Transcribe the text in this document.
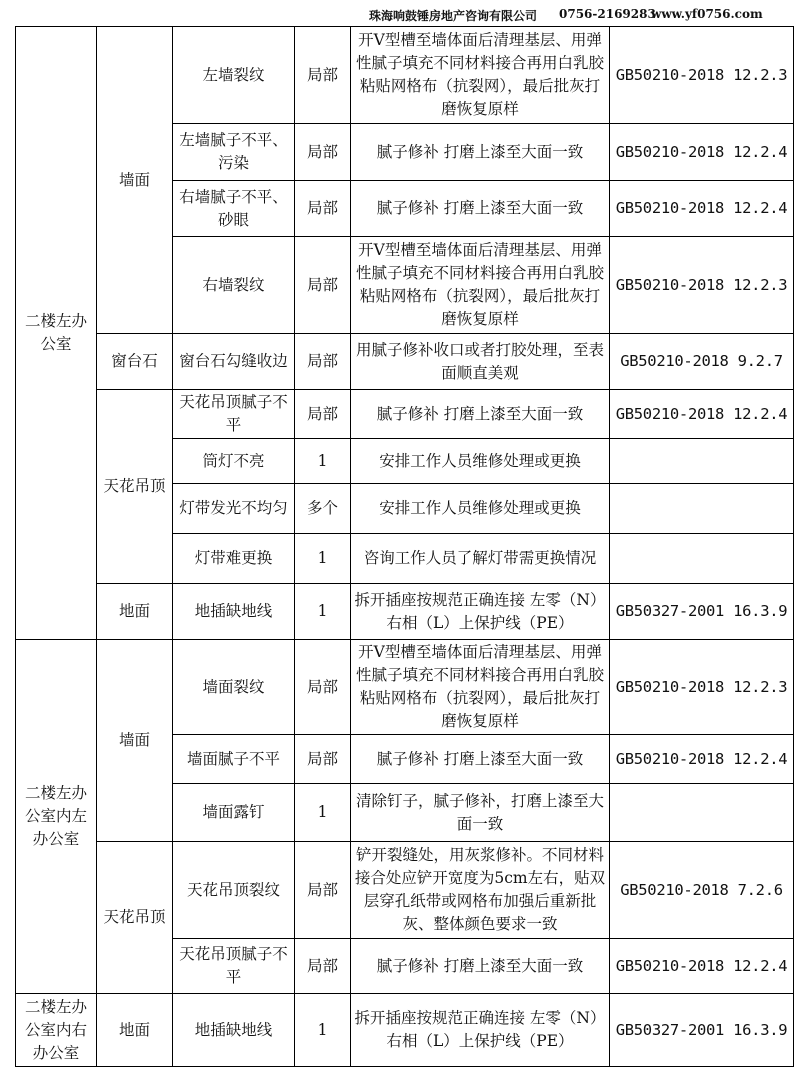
珠海响鼓锤房地产咨询有限公司 0756-2169283
www.yf0756.com
二楼左办公室	墙面	左墙裂纹	局部	开Ⅴ型槽至墙体面后清理基层、用弹性腻子填充不同材料接合再用白乳胶粘贴网格布（抗裂网），最后批灰打磨恢复原样	GB50210-2018 12.2.3
		左墙腻子不平、污染	局部	腻子修补 打磨上漆至大面一致	GB50210-2018 12.2.4
		右墙腻子不平、砂眼	局部	腻子修补 打磨上漆至大面一致	GB50210-2018 12.2.4
		右墙裂纹	局部	开Ⅴ型槽至墙体面后清理基层、用弹性腻子填充不同材料接合再用白乳胶粘贴网格布（抗裂网），最后批灰打磨恢复原样	GB50210-2018 12.2.3
	窗台石	窗台石勾缝收边	局部	用腻子修补收口或者打胶处理，至表面顺直美观	GB50210-2018 9.2.7
	天花吊顶	天花吊顶腻子不平	局部	腻子修补 打磨上漆至大面一致	GB50210-2018 12.2.4
		筒灯不亮	1	安排工作人员维修处理或更换	
		灯带发光不均匀	多个	安排工作人员维修处理或更换	
		灯带难更换	1	咨询工作人员了解灯带需更换情况	
	地面	地插缺地线	1	拆开插座按规范正确连接 左零（N）右相（L）上保护线（PE）	GB50327-2001 16.3.9
二楼左办公室内左办公室	墙面	墙面裂纹	局部	开Ⅴ型槽至墙体面后清理基层、用弹性腻子填充不同材料接合再用白乳胶粘贴网格布（抗裂网），最后批灰打磨恢复原样	GB50210-2018 12.2.3
		墙面腻子不平	局部	腻子修补 打磨上漆至大面一致	GB50210-2018 12.2.4
		墙面露钉	1	清除钉子，腻子修补，打磨上漆至大面一致	
	天花吊顶	天花吊顶裂纹	局部	铲开裂缝处，用灰浆修补。不同材料接合处应铲开宽度为5cm左右，贴双层穿孔纸带或网格布加强后重新批灰、整体颜色要求一致	GB50210-2018 7.2.6
		天花吊顶腻子不平	局部	腻子修补 打磨上漆至大面一致	GB50210-2018 12.2.4
二楼左办公室内右办公室	地面	地插缺地线	1	拆开插座按规范正确连接 左零（N）右相（L）上保护线（PE）	GB50327-2001 16.3.9
